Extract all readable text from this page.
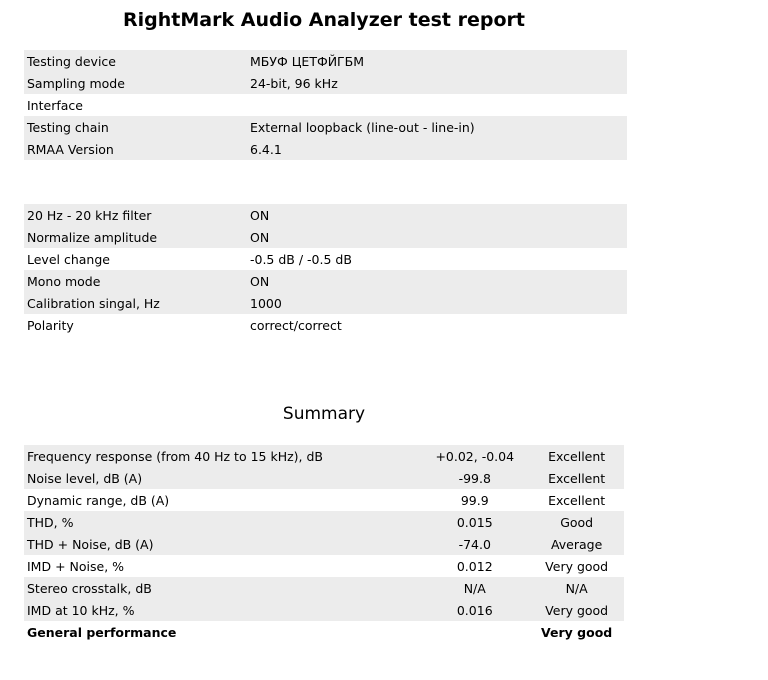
RightMark Audio Analyzer test report
Testing device	МБУФ ЦЕТФЙГБМ
Sampling mode	24-bit, 96 kHz
Interface	
Testing chain	External loopback (line-out - line-in)
RMAA Version	6.4.1
20 Hz - 20 kHz filter	ON
Normalize amplitude	ON
Level change	-0.5 dB / -0.5 dB
Mono mode	ON
Calibration singal, Hz	1000
Polarity	correct/correct
Summary
Frequency response (from 40 Hz to 15 kHz), dB	+0.02, -0.04	Excellent
Noise level, dB (A)	-99.8	Excellent
Dynamic range, dB (A)	99.9	Excellent
THD, %	0.015	Good
THD + Noise, dB (A)	-74.0	Average
IMD + Noise, %	0.012	Very good
Stereo crosstalk, dB	N/A	N/A
IMD at 10 kHz, %	0.016	Very good
General performance		Very good
